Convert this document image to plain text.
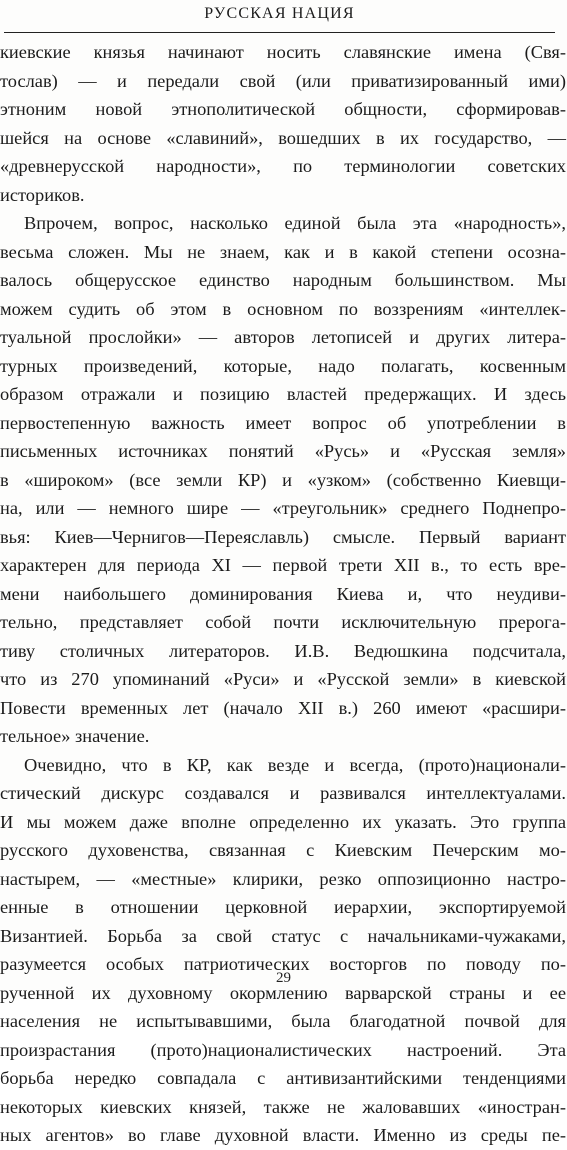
РУССКАЯ НАЦИЯ
киевские князья начинают носить славянские имена (Свя-
тослав) — и передали свой (или приватизированный ими)
этноним новой этнополитической общности, сформировав-
шейся на основе «славиний», вошедших в их государство, —
«древнерусской народности», по терминологии советских
историков.
Впрочем, вопрос, насколько единой была эта «народность»,
весьма сложен. Мы не знаем, как и в какой степени осозна-
валось общерусское единство народным большинством. Мы
можем судить об этом в основном по воззрениям «интеллек-
туальной прослойки» — авторов летописей и других литера-
турных произведений, которые, надо полагать, косвенным
образом отражали и позицию властей предержащих. И здесь
первостепенную важность имеет вопрос об употреблении в
письменных источниках понятий «Русь» и «Русская земля»
в «широком» (все земли КР) и «узком» (собственно Киевщи-
на, или — немного шире — «треугольник» среднего Поднепро-
вья: Киев—Чернигов—Переяславль) смысле. Первый вариант
характерен для периода XI — первой трети XII в., то есть вре-
мени наибольшего доминирования Киева и, что неудиви-
тельно, представляет собой почти исключительную прерога-
тиву столичных литераторов. И.В. Ведюшкина подсчитала,
что из 270 упоминаний «Руси» и «Русской земли» в киевской
Повести временных лет (начало XII в.) 260 имеют «расшири-
тельное» значение.
Очевидно, что в КР, как везде и всегда, (прото)национали-
стический дискурс создавался и развивался интеллектуалами.
И мы можем даже вполне определенно их указать. Это группа
русского духовенства, связанная с Киевским Печерским мо-
настырем, — «местные» клирики, резко оппозиционно настро-
енные в отношении церковной иерархии, экспортируемой
Византией. Борьба за свой статус с начальниками-чужаками,
разумеется особых патриотических восторгов по поводу по-
рученной их духовному окормлению варварской страны и ее
населения не испытывавшими, была благодатной почвой для
произрастания (прото)националистических настроений. Эта
борьба нередко совпадала с антивизантийскими тенденциями
некоторых киевских князей, также не жаловавших «иностран-
ных агентов» во главе духовной власти. Именно из среды пе-
29
